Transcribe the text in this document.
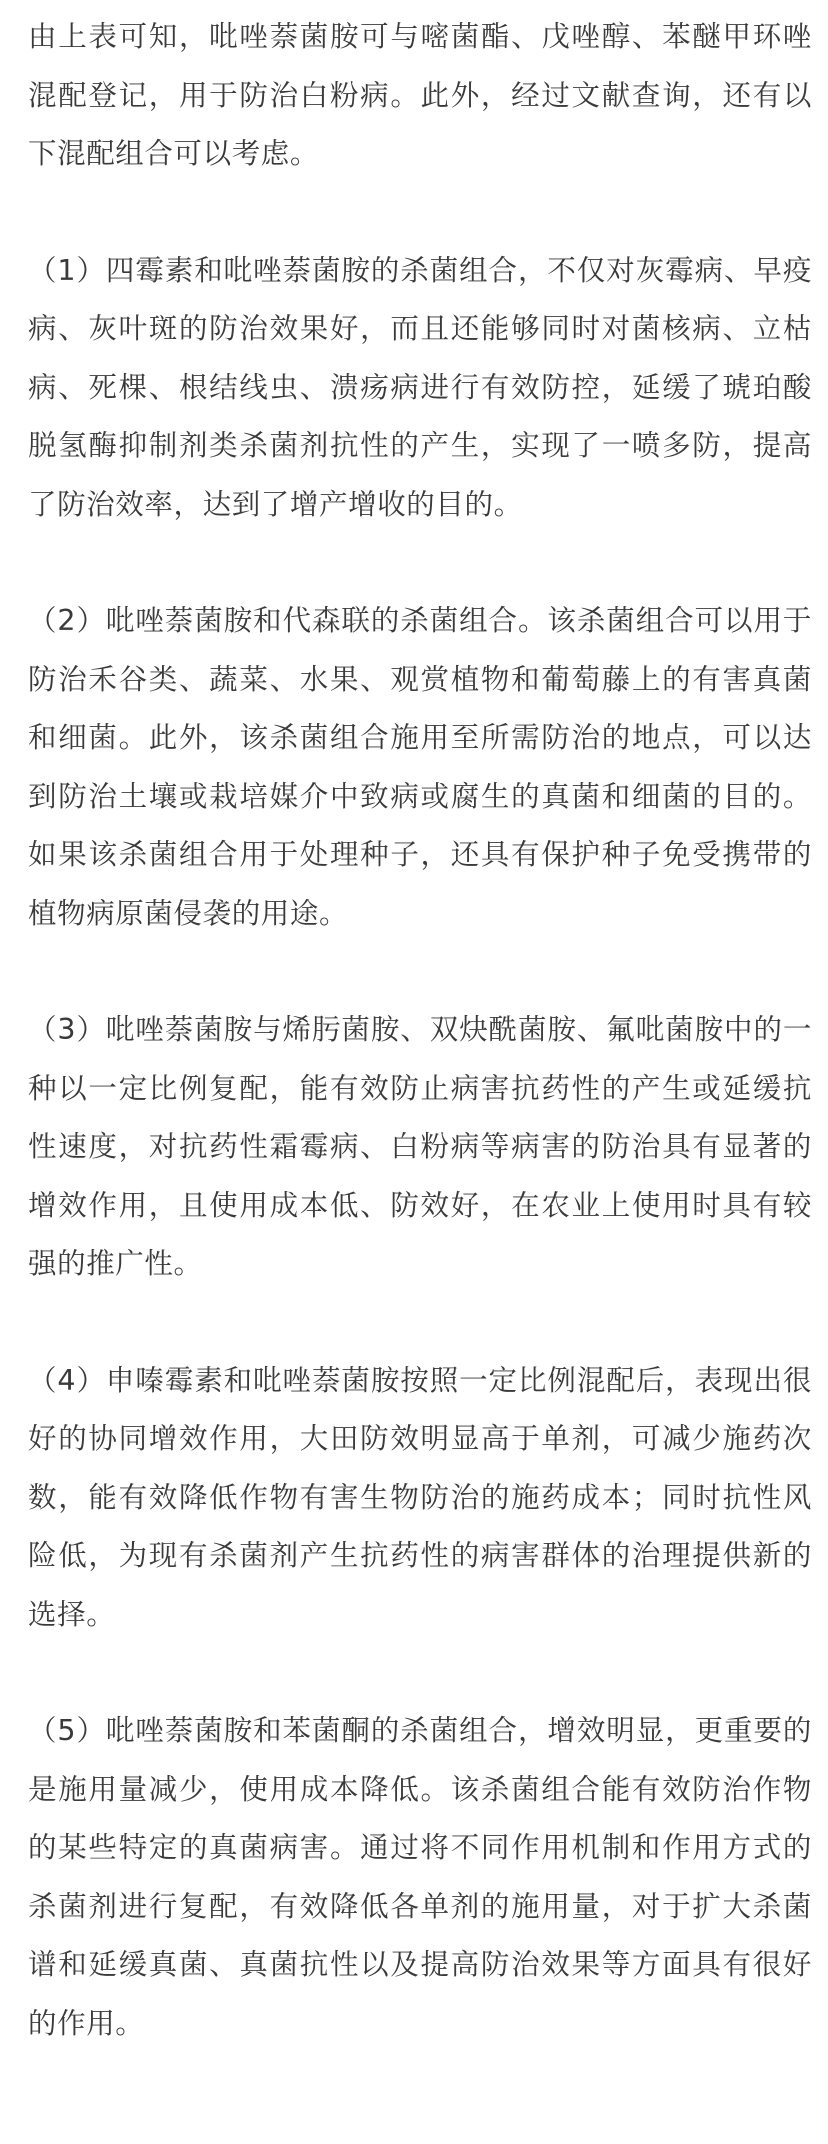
由上表可知，吡唑萘菌胺可与嘧菌酯、戊唑醇、苯醚甲环唑混配登记，用于防治白粉病。此外，经过文献查询，还有以下混配组合可以考虑。

（1）四霉素和吡唑萘菌胺的杀菌组合，不仅对灰霉病、早疫病、灰叶斑的防治效果好，而且还能够同时对菌核病、立枯病、死棵、根结线虫、溃疡病进行有效防控，延缓了琥珀酸脱氢酶抑制剂类杀菌剂抗性的产生，实现了一喷多防，提高了防治效率，达到了增产增收的目的。

（2）吡唑萘菌胺和代森联的杀菌组合。该杀菌组合可以用于防治禾谷类、蔬菜、水果、观赏植物和葡萄藤上的有害真菌和细菌。此外，该杀菌组合施用至所需防治的地点，可以达到防治土壤或栽培媒介中致病或腐生的真菌和细菌的目的。如果该杀菌组合用于处理种子，还具有保护种子免受携带的植物病原菌侵袭的用途。

（3）吡唑萘菌胺与烯肟菌胺、双炔酰菌胺、氟吡菌胺中的一种以一定比例复配，能有效防止病害抗药性的产生或延缓抗性速度，对抗药性霜霉病、白粉病等病害的防治具有显著的增效作用，且使用成本低、防效好，在农业上使用时具有较强的推广性。

（4）申嗪霉素和吡唑萘菌胺按照一定比例混配后，表现出很好的协同增效作用，大田防效明显高于单剂，可减少施药次数，能有效降低作物有害生物防治的施药成本；同时抗性风险低，为现有杀菌剂产生抗药性的病害群体的治理提供新的选择。

（5）吡唑萘菌胺和苯菌酮的杀菌组合，增效明显，更重要的是施用量减少，使用成本降低。该杀菌组合能有效防治作物的某些特定的真菌病害。通过将不同作用机制和作用方式的杀菌剂进行复配，有效降低各单剂的施用量，对于扩大杀菌谱和延缓真菌、真菌抗性以及提高防治效果等方面具有很好的作用。
